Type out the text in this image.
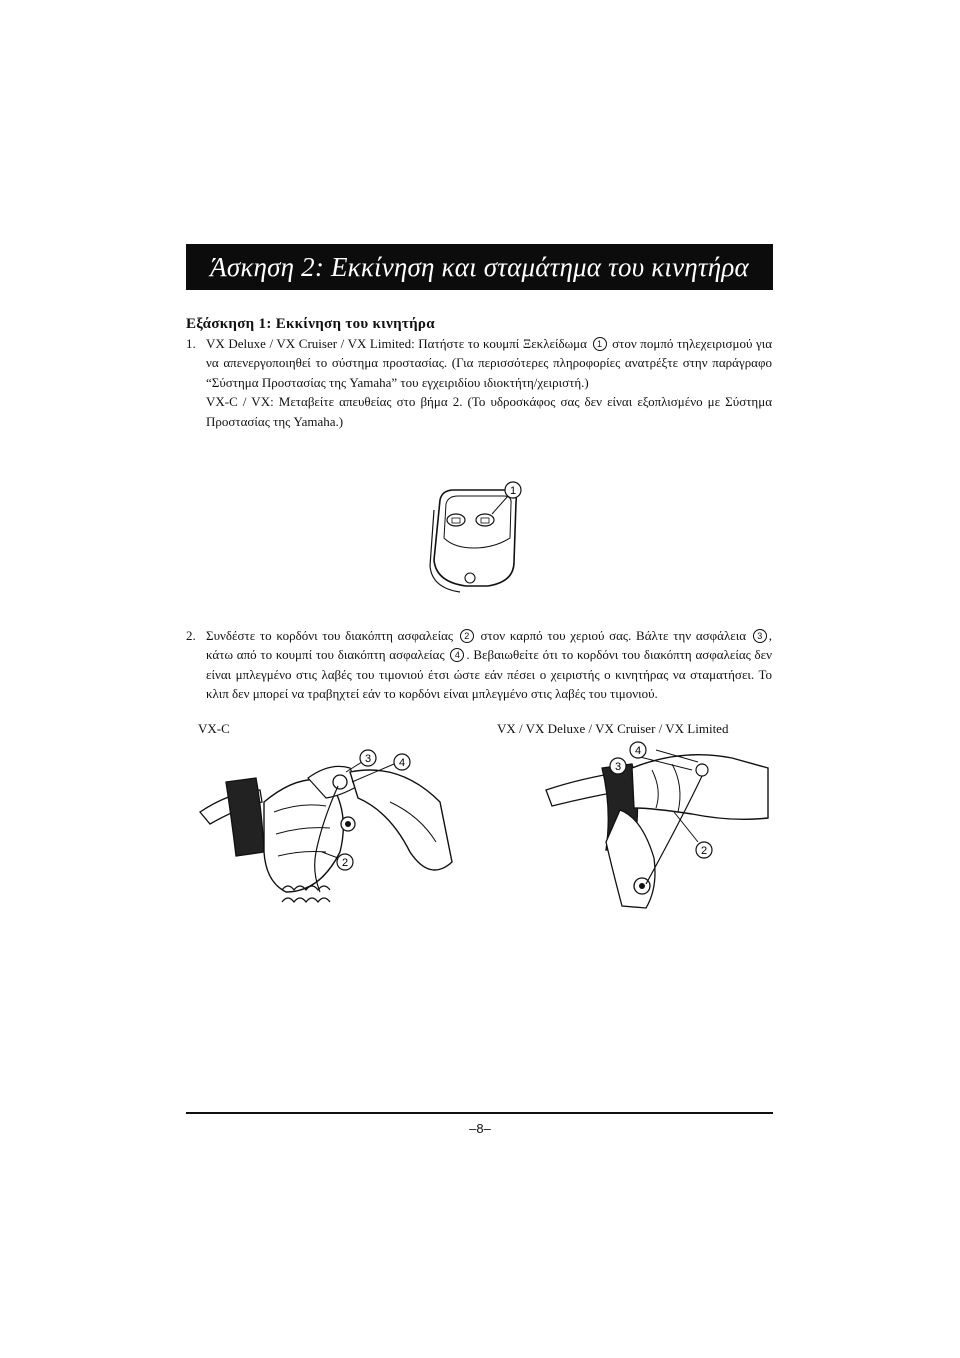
Άσκηση 2: Εκκίνηση και σταμάτημα του κινητήρα
Εξάσκηση 1: Εκκίνηση του κινητήρα
1. VX Deluxe / VX Cruiser / VX Limited: Πατήστε το κουμπί Ξεκλείδωμα 1 στον πομπό τηλεχειρισμού για να απενεργοποιηθεί το σύστημα προστασίας. (Για περισσότερες πληροφορίες ανατρέξτε στην παράγραφο “Σύστημα Προστασίας της Yamaha” του εγχειριδίου ιδιοκτήτη/χειριστή.)

VX-C / VX: Μεταβείτε απευθείας στο βήμα 2. (Το υδροσκάφος σας δεν είναι εξοπλισμένο με Σύστημα Προστασίας της Yamaha.)

1
2. Συνδέστε το κορδόνι του διακόπτη ασφαλείας 2 στον καρπό του χεριού σας. Βάλτε την ασφάλεια 3 , κάτω από το κουμπί του διακόπτη ασφαλείας 4 . Βεβαιωθείτε ότι το κορδόνι του διακόπτη ασφαλείας δεν είναι μπλεγμένο στις λαβές του τιμονιού έτσι ώστε εάν πέσει ο χειριστής ο κινητήρας να σταματήσει. Το κλιπ δεν μπορεί να τραβηχτεί εάν το κορδόνι είναι μπλεγμένο στις λαβές του τιμονιού.

VX-C	VX / VX Deluxe / VX Cruiser / VX Limited
3	4
2
4
3
2
–8–
